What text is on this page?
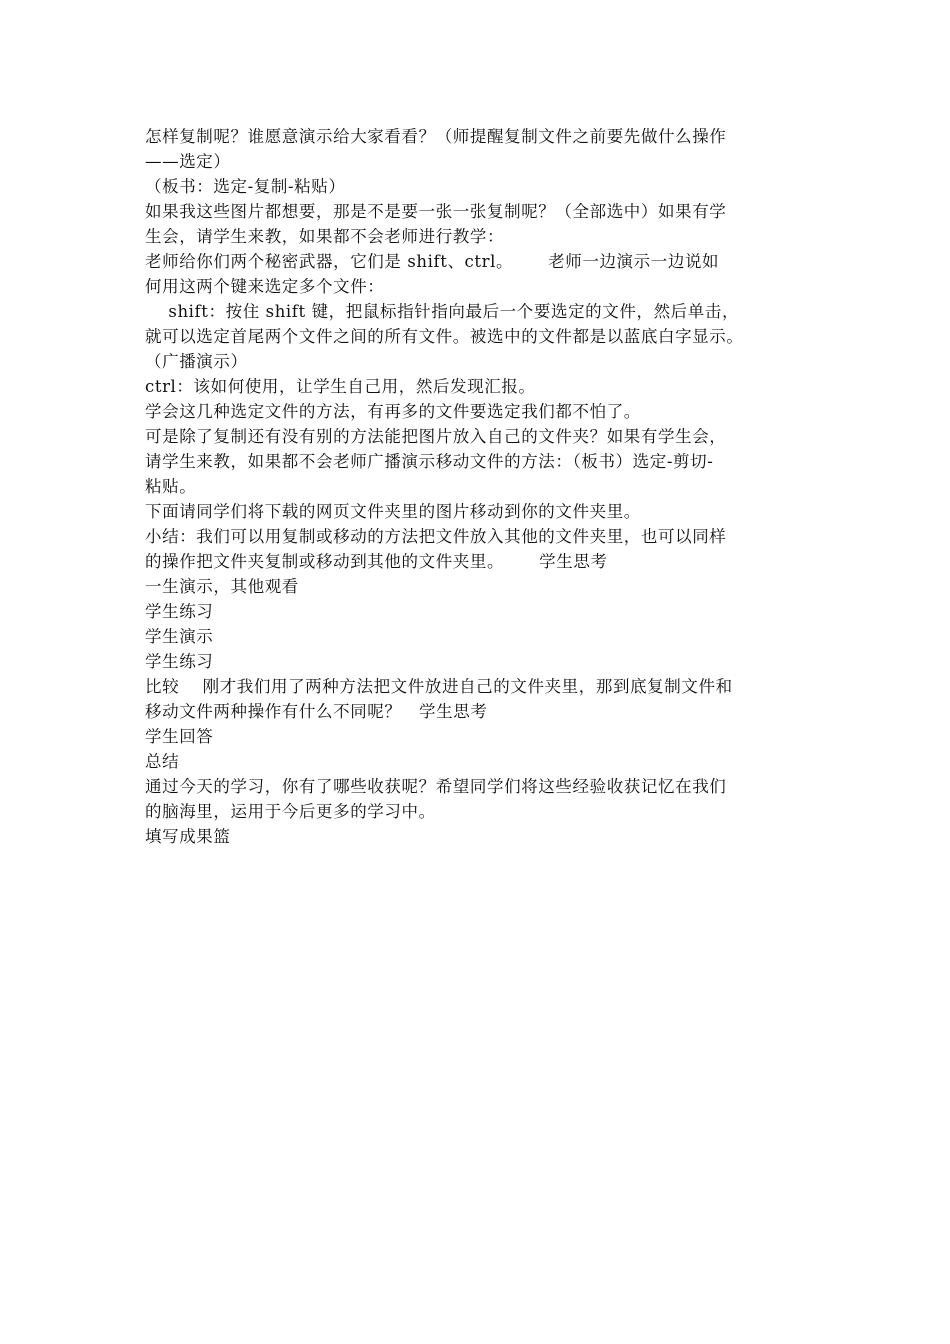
怎样复制呢？谁愿意演示给大家看看？（师提醒复制文件之前要先做什么操作
——选定）
（板书：选定-复制-粘贴）
如果我这些图片都想要，那是不是要一张一张复制呢？（全部选中）如果有学
生会，请学生来教，如果都不会老师进行教学：
老师给你们两个秘密武器，它们是 shift、ctrl。      老师一边演示一边说如
何用这两个键来选定多个文件：
shift：按住 shift 键，把鼠标指针指向最后一个要选定的文件，然后单击，
就可以选定首尾两个文件之间的所有文件。被选中的文件都是以蓝底白字显示。
（广播演示）
ctrl：该如何使用，让学生自己用，然后发现汇报。
学会这几种选定文件的方法，有再多的文件要选定我们都不怕了。
可是除了复制还有没有别的方法能把图片放入自己的文件夹？如果有学生会，
请学生来教，如果都不会老师广播演示移动文件的方法：（板书）选定-剪切-
粘贴。
下面请同学们将下载的网页文件夹里的图片移动到你的文件夹里。
小结：我们可以用复制或移动的方法把文件放入其他的文件夹里，也可以同样
的操作把文件夹复制或移动到其他的文件夹里。      学生思考
一生演示，其他观看
学生练习
学生演示
学生练习
比较    刚才我们用了两种方法把文件放进自己的文件夹里，那到底复制文件和
移动文件两种操作有什么不同呢？   学生思考
学生回答
总结
通过今天的学习，你有了哪些收获呢？希望同学们将这些经验收获记忆在我们
的脑海里，运用于今后更多的学习中。
填写成果篮
